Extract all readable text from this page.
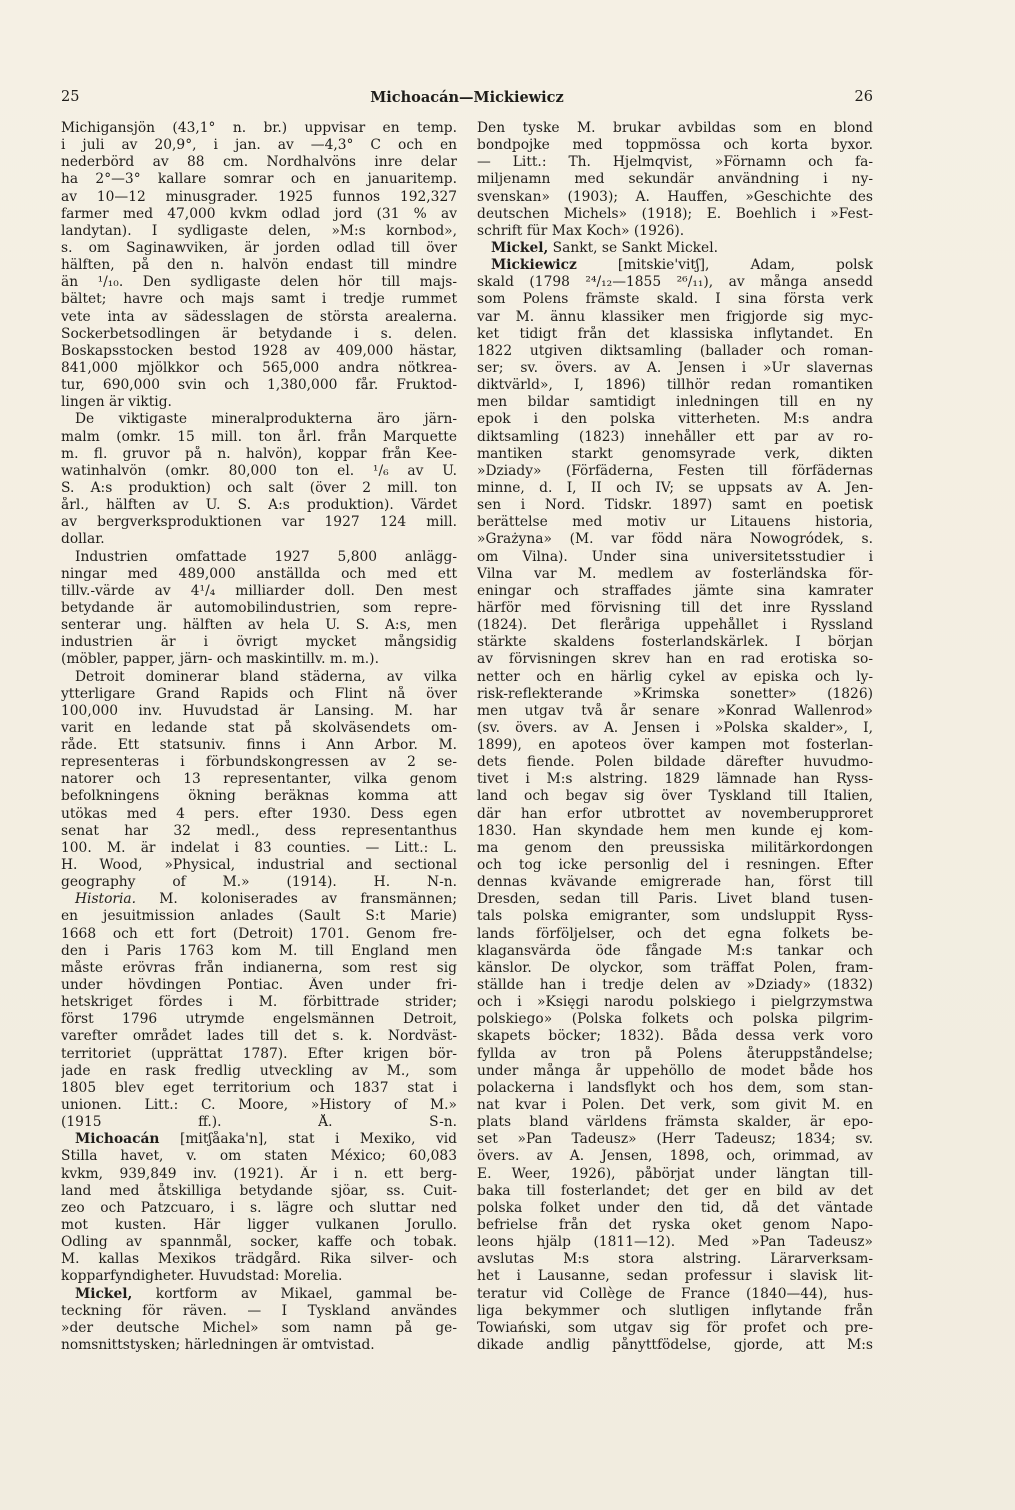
25	Michoacán—Mickiewicz	26

Michigansjön (43,1° n. br.) uppvisar en temp.

i juli av 20,9°, i jan. av —4,3° C och en

nederbörd av 88 cm. Nordhalvöns inre delar

ha 2°—3° kallare somrar och en januaritemp.

av 10—12 minusgrader. 1925 funnos 192,327

farmer med 47,000 kvkm odlad jord (31 % av

landytan). I sydligaste delen, »M:s kornbod»,

s. om Saginawviken, är jorden odlad till över

hälften, på den n. halvön endast till mindre

än ¹/₁₀. Den sydligaste delen hör till majs-

bältet; havre och majs samt i tredje rummet

vete inta av sädesslagen de största arealerna.

Sockerbetsodlingen är betydande i s. delen.

Boskapsstocken bestod 1928 av 409,000 hästar,

841,000 mjölkkor och 565,000 andra nötkrea-

tur, 690,000 svin och 1,380,000 får. Fruktod-

lingen är viktig.

De viktigaste mineralprodukterna äro järn-

malm (omkr. 15 mill. ton årl. från Marquette

m. fl. gruvor på n. halvön), koppar från Kee-

watinhalvön (omkr. 80,000 ton el. ¹/₆ av U.

S. A:s produktion) och salt (över 2 mill. ton

årl., hälften av U. S. A:s produktion). Värdet

av bergverksproduktionen var 1927 124 mill.

dollar.

Industrien omfattade 1927 5,800 anlägg-

ningar med 489,000 anställda och med ett

tillv.-värde av 4¹/₄ milliarder doll. Den mest

betydande är automobilindustrien, som repre-

senterar ung. hälften av hela U. S. A:s, men

industrien är i övrigt mycket mångsidig

(möbler, papper, järn- och maskintillv. m. m.).

Detroit dominerar bland städerna, av vilka

ytterligare Grand Rapids och Flint nå över

100,000 inv. Huvudstad är Lansing. M. har

varit en ledande stat på skolväsendets om-

råde. Ett statsuniv. finns i Ann Arbor. M.

representeras i förbundskongressen av 2 se-

natorer och 13 representanter, vilka genom

befolkningens ökning beräknas komma att

utökas med 4 pers. efter 1930. Dess egen

senat har 32 medl., dess representanthus

100. M. är indelat i 83 counties. — Litt.: L.

H. Wood, »Physical, industrial and sectional

geography of M.» (1914). H. N-n.

Historia. M. koloniserades av fransmännen;

en jesuitmission anlades (Sault S:t Marie)

1668 och ett fort (Detroit) 1701. Genom fre-

den i Paris 1763 kom M. till England men

måste erövras från indianerna, som rest sig

under hövdingen Pontiac. Även under fri-

hetskriget fördes i M. förbittrade strider;

först 1796 utrymde engelsmännen Detroit,

varefter området lades till det s. k. Nordväst-

territoriet (upprättat 1787). Efter krigen bör-

jade en rask fredlig utveckling av M., som

1805 blev eget territorium och 1837 stat i

unionen. Litt.: C. Moore, »History of M.»

(1915 ff.). Å. S-n.

Michoacán [mitʃåaka'n], stat i Mexiko, vid

Stilla havet, v. om staten México; 60,083

kvkm, 939,849 inv. (1921). Är i n. ett berg-

land med åtskilliga betydande sjöar, ss. Cuit-

zeo och Patzcuaro, i s. lägre och sluttar ned

mot kusten. Här ligger vulkanen Jorullo.

Odling av spannmål, socker, kaffe och tobak.

M. kallas Mexikos trädgård. Rika silver- och

kopparfyndigheter. Huvudstad: Morelia.

Mickel, kortform av Mikael, gammal be-

teckning för räven. — I Tyskland användes

»der deutsche Michel» som namn på ge-

nomsnittstysken; härledningen är omtvistad.

Den tyske M. brukar avbildas som en blond

bondpojke med toppmössa och korta byxor.

— Litt.: Th. Hjelmqvist, »Förnamn och fa-

miljenamn med sekundär användning i ny-

svenskan» (1903); A. Hauffen, »Geschichte des

deutschen Michels» (1918); E. Boehlich i »Fest-

schrift für Max Koch» (1926).

Mickel, Sankt, se Sankt Mickel.

Mickiewicz [mitskie'vitʃ], Adam, polsk

skald (1798 ²⁴/₁₂—1855 ²⁶/₁₁), av många ansedd

som Polens främste skald. I sina första verk

var M. ännu klassiker men frigjorde sig myc-

ket tidigt från det klassiska inflytandet. En

1822 utgiven diktsamling (ballader och roman-

ser; sv. övers. av A. Jensen i »Ur slavernas

diktvärld», I, 1896) tillhör redan romantiken

men bildar samtidigt inledningen till en ny

epok i den polska vitterheten. M:s andra

diktsamling (1823) innehåller ett par av ro-

mantiken starkt genomsyrade verk, dikten

»Dziady» (Förfäderna, Festen till förfädernas

minne, d. I, II och IV; se uppsats av A. Jen-

sen i Nord. Tidskr. 1897) samt en poetisk

berättelse med motiv ur Litauens historia,

»Grażyna» (M. var född nära Nowogródek, s.

om Vilna). Under sina universitetsstudier i

Vilna var M. medlem av fosterländska för-

eningar och straffades jämte sina kamrater

härför med förvisning till det inre Ryssland

(1824). Det fleråriga uppehållet i Ryssland

stärkte skaldens fosterlandskärlek. I början

av förvisningen skrev han en rad erotiska so-

netter och en härlig cykel av episka och ly-

risk-reflekterande »Krimska sonetter» (1826)

men utgav två år senare »Konrad Wallenrod»

(sv. övers. av A. Jensen i »Polska skalder», I,

1899), en apoteos över kampen mot fosterlan-

dets fiende. Polen bildade därefter huvudmo-

tivet i M:s alstring. 1829 lämnade han Ryss-

land och begav sig över Tyskland till Italien,

där han erfor utbrottet av novemberupproret

1830. Han skyndade hem men kunde ej kom-

ma genom den preussiska militärkordongen

och tog icke personlig del i resningen. Efter

dennas kvävande emigrerade han, först till

Dresden, sedan till Paris. Livet bland tusen-

tals polska emigranter, som undsluppit Ryss-

lands förföljelser, och det egna folkets be-

klagansvärda öde fångade M:s tankar och

känslor. De olyckor, som träffat Polen, fram-

ställde han i tredje delen av »Dziady» (1832)

och i »Księgi narodu polskiego i pielgrzymstwa

polskiego» (Polska folkets och polska pilgrim-

skapets böcker; 1832). Båda dessa verk voro

fyllda av tron på Polens återuppståndelse;

under många år uppehöllo de modet både hos

polackerna i landsflykt och hos dem, som stan-

nat kvar i Polen. Det verk, som givit M. en

plats bland världens främsta skalder, är epo-

set »Pan Tadeusz» (Herr Tadeusz; 1834; sv.

övers. av A. Jensen, 1898, och, orimmad, av

E. Weer, 1926), påbörjat under längtan till-

baka till fosterlandet; det ger en bild av det

polska folket under den tid, då det väntade

befrielse från det ryska oket genom Napo-

leons hjälp (1811—12). Med »Pan Tadeusz»

avslutas M:s stora alstring. Lärarverksam-

het i Lausanne, sedan professur i slavisk lit-

teratur vid Collège de France (1840—44), hus-

liga bekymmer och slutligen inflytande från

Towiański, som utgav sig för profet och pre-

dikade andlig pånyttfödelse, gjorde, att M:s
